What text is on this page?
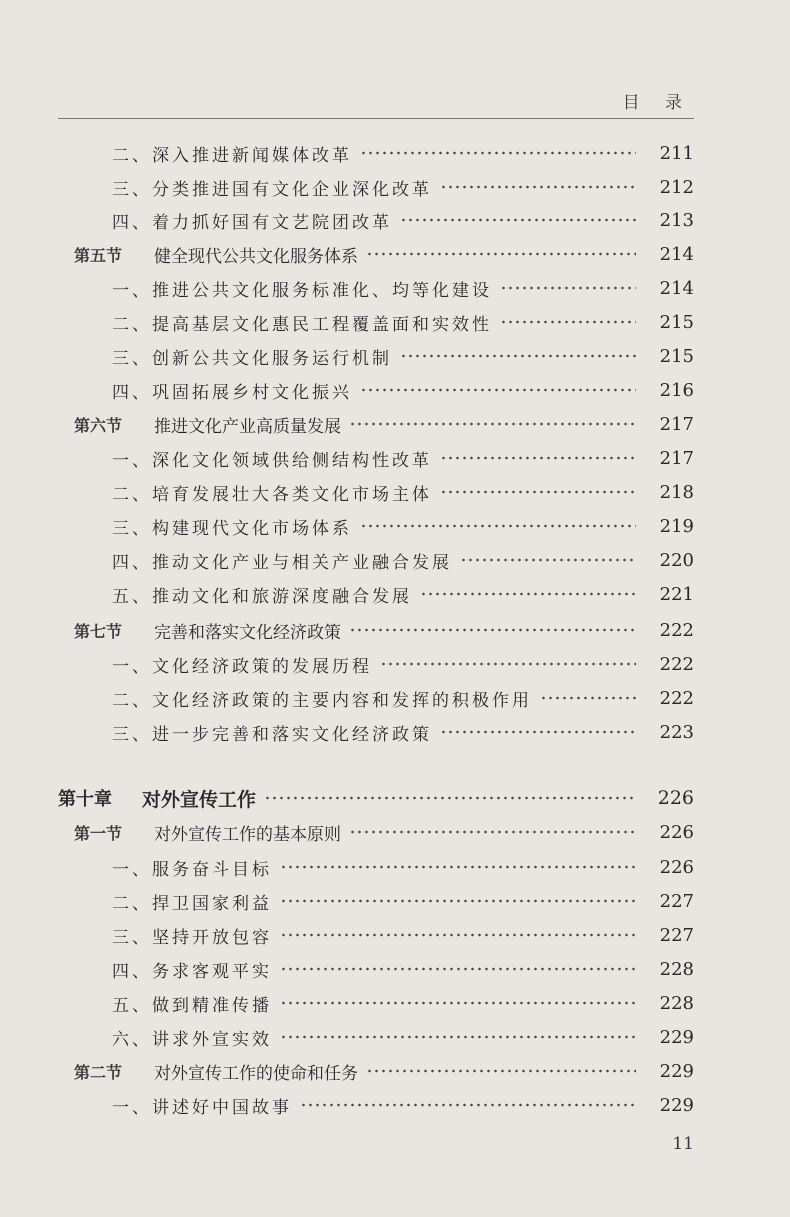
目 录
二、深入推进新闻媒体改革	211
三、分类推进国有文化企业深化改革	212
四、着力抓好国有文艺院团改革	213
第五节	健全现代公共文化服务体系	214
一、推进公共文化服务标准化、均等化建设	214
二、提高基层文化惠民工程覆盖面和实效性	215
三、创新公共文化服务运行机制	215
四、巩固拓展乡村文化振兴	216
第六节	推进文化产业高质量发展	217
一、深化文化领域供给侧结构性改革	217
二、培育发展壮大各类文化市场主体	218
三、构建现代文化市场体系	219
四、推动文化产业与相关产业融合发展	220
五、推动文化和旅游深度融合发展	221
第七节	完善和落实文化经济政策	222
一、文化经济政策的发展历程	222
二、文化经济政策的主要内容和发挥的积极作用	222
三、进一步完善和落实文化经济政策	223
第十章	对外宣传工作	226
第一节	对外宣传工作的基本原则	226
一、服务奋斗目标	226
二、捍卫国家利益	227
三、坚持开放包容	227
四、务求客观平实	228
五、做到精准传播	228
六、讲求外宣实效	229
第二节	对外宣传工作的使命和任务	229
一、讲述好中国故事	229
11
